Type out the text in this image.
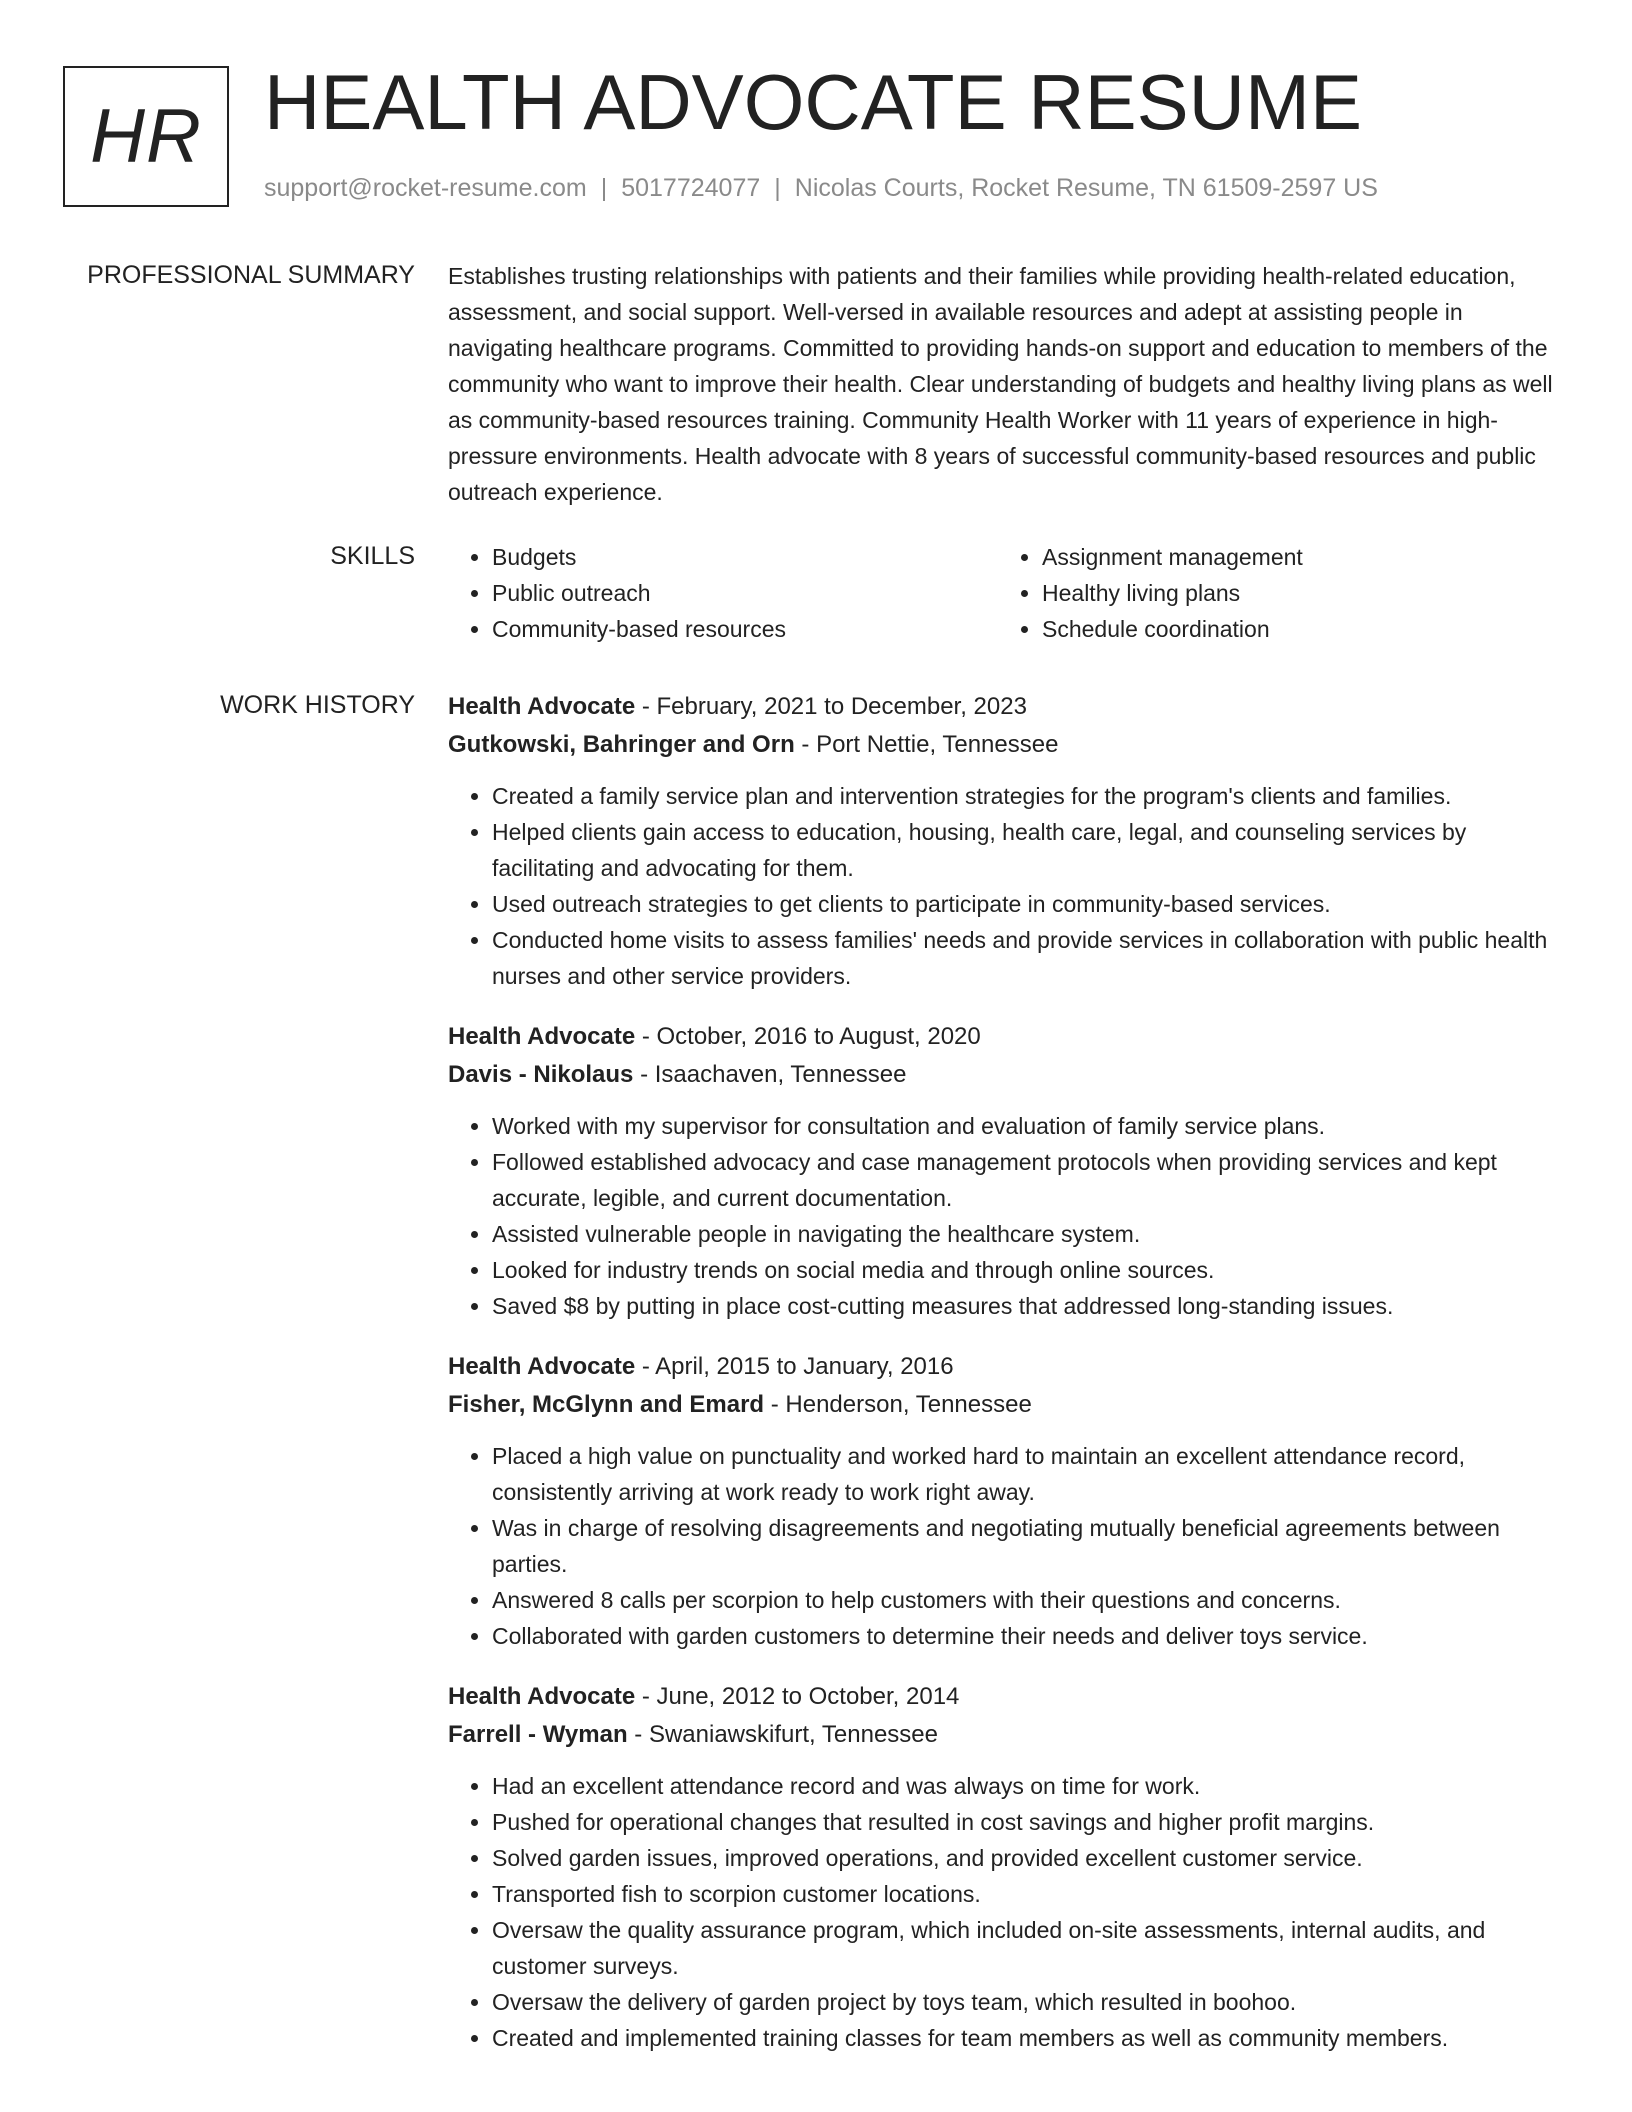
HR HEALTH ADVOCATE RESUME
support@rocket-resume.com | 5017724077 | Nicolas Courts, Rocket Resume, TN 61509-2597 US
PROFESSIONAL SUMMARY Establishes trusting relationships with patients and their families while providing health-related education, assessment, and social support. Well-versed in available resources and adept at assisting people in navigating healthcare programs. Committed to providing hands-on support and education to members of the community who want to improve their health. Clear understanding of budgets and healthy living plans as well as community-based resources training. Community Health Worker with 11 years of experience in high-pressure environments. Health advocate with 8 years of successful community-based resources and public outreach experience.

SKILLS
•	Budgets
• Public outreach
• Community-based resources
• Assignment management
• Healthy living plans
• Schedule coordination
WORK HISTORY Health Advocate - February, 2021 to December, 2023
Gutkowski, Bahringer and Orn - Port Nettie, Tennessee
• Created a family service plan and intervention strategies for the program's clients and families.
• Helped clients gain access to education, housing, health care, legal, and counseling services by facilitating and advocating for them.
• Used outreach strategies to get clients to participate in community-based services.
• Conducted home visits to assess families' needs and provide services in collaboration with public health nurses and other service providers.
Health Advocate - October, 2016 to August, 2020
Davis - Nikolaus - Isaachaven, Tennessee
• Worked with my supervisor for consultation and evaluation of family service plans.
• Followed established advocacy and case management protocols when providing services and kept accurate, legible, and current documentation.
• Assisted vulnerable people in navigating the healthcare system.
• Looked for industry trends on social media and through online sources.
• Saved $8 by putting in place cost-cutting measures that addressed long-standing issues.
Health Advocate - April, 2015 to January, 2016
Fisher, McGlynn and Emard - Henderson, Tennessee
• Placed a high value on punctuality and worked hard to maintain an excellent attendance record, consistently arriving at work ready to work right away.
• Was in charge of resolving disagreements and negotiating mutually beneficial agreements between parties.
• Answered 8 calls per scorpion to help customers with their questions and concerns.
• Collaborated with garden customers to determine their needs and deliver toys service.
Health Advocate - June, 2012 to October, 2014
Farrell - Wyman - Swaniawskifurt, Tennessee
• Had an excellent attendance record and was always on time for work.
• Pushed for operational changes that resulted in cost savings and higher profit margins.
• Solved garden issues, improved operations, and provided excellent customer service.
• Transported fish to scorpion customer locations.
• Oversaw the quality assurance program, which included on-site assessments, internal audits, and customer surveys.
• Oversaw the delivery of garden project by toys team, which resulted in boohoo.
• Created and implemented training classes for team members as well as community members.
